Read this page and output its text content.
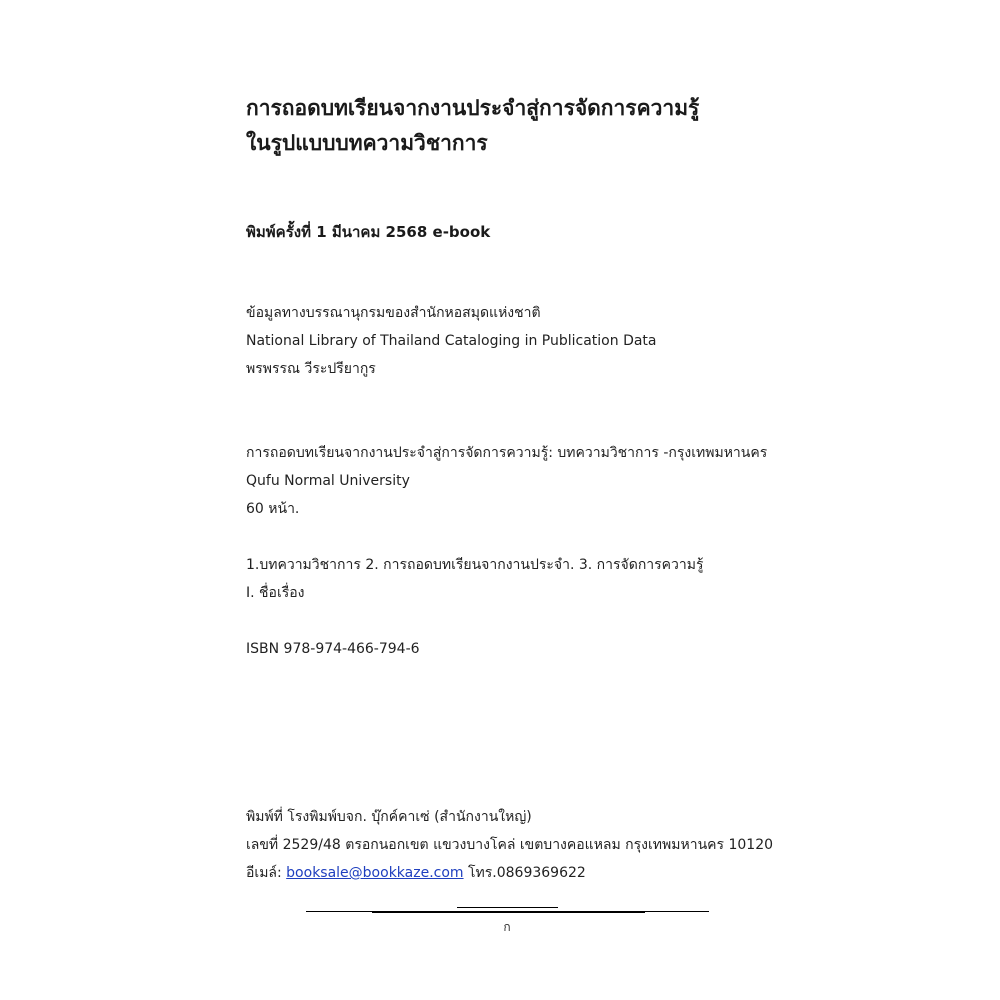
การถอดบทเรียนจากงานประจำสู่การจัดการความรู้
ในรูปแบบบทความวิชาการ
พิมพ์ครั้งที่ 1 มีนาคม 2568 e-book
ข้อมูลทางบรรณานุกรมของสำนักหอสมุดแห่งชาติ
National Library of Thailand Cataloging in Publication Data
พรพรรณ วีระปรียากูร
การถอดบทเรียนจากงานประจำสู่การจัดการความรู้: บทความวิชาการ -กรุงเทพมหานคร
Qufu Normal University
60 หน้า.
1.บทความวิชาการ 2. การถอดบทเรียนจากงานประจำ. 3. การจัดการความรู้
I. ชื่อเรื่อง
ISBN 978-974-466-794-6
พิมพ์ที่ โรงพิมพ์บจก. บุ๊กค์คาเซ่ (สำนักงานใหญ่)
เลขที่ 2529/48 ตรอกนอกเขต แขวงบางโคล่ เขตบางคอแหลม กรุงเทพมหานคร 10120
อีเมล์: booksale@bookkaze.com โทร.0869369622
ก
